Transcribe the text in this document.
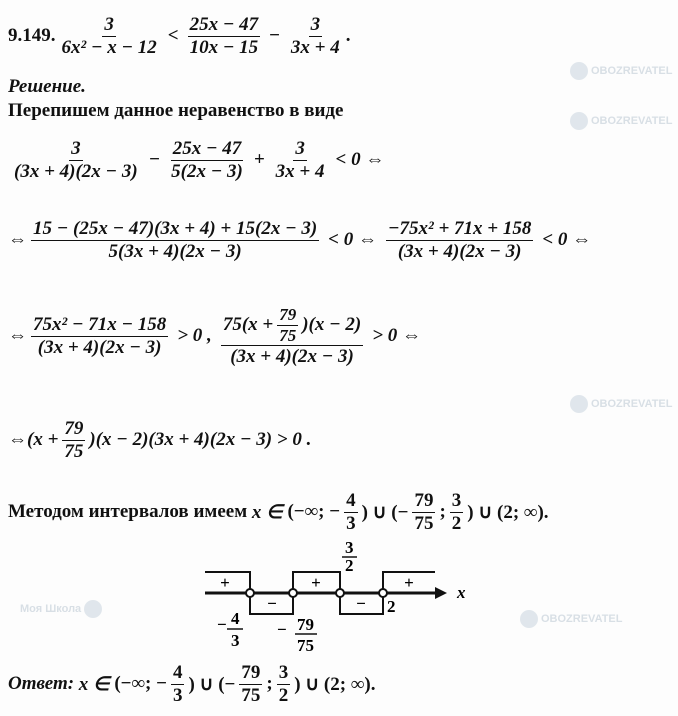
OBOZREVATEL
OBOZREVATEL
Моя Школа
OBOZREVATEL
OBOZREVATEL
9.149.
3
6x² − x − 12
<
25x − 47
10x − 15
− $\frac{3}{3x + 4}$ .
Решение.
Перепишем данное неравенство в виде
3
(3x + 4)(2x − 3)
− $\frac{25x - 47}{5(2x - 3)} + \frac{3}{3x + 4} < 0$ ⇔
⇔
15 − (25x − 47)(3x + 4) + 15(2x − 3)
5(3x + 4)(2x − 3)
< 0 ⇔
−75x² + 71x + 158
(3x + 4)(2x − 3)
< 0 ⇔
⇔
75x² − 71x − 158
(3x + 4)(2x − 3)
> 0 ,
$75(x + \frac{79}{75} )(x - 2)$
(3x + 4)(2x − 3)
> 0 ⇔
⇔(x + $\frac{79}{75} )(x - 2)(3x + 4)(2x - 3) > 0$ .
Методом интервалов имеем
x ∈
(−∞; − $\frac{4}{3}$ ) ∪ (− $\frac{79}{75}$ ;
3
2
) ∪ (2; ∞).
+
−
+
−
+
− 4
3
− 79
75
3
2
2
x
Ответ:
x ∈
(−∞; − $\frac{4}{3}$ ) ∪ (− $\frac{79}{75}$ ;
3
2
) ∪ (2; ∞).
